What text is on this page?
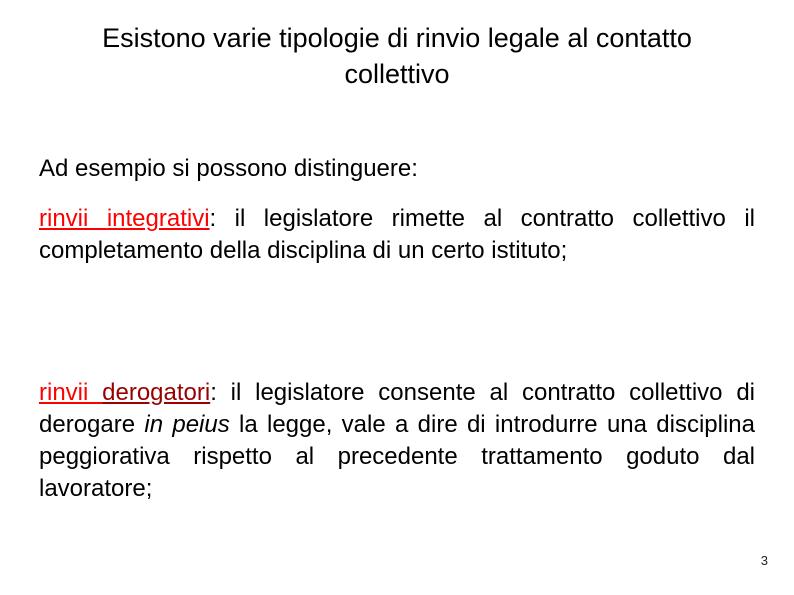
Esistono varie tipologie di rinvio legale al contatto collettivo
Ad esempio si possono distinguere:
rinvii integrativi: il legislatore rimette al contratto collettivo il completamento della disciplina di un certo istituto;
rinvii derogatori: il legislatore consente al contratto collettivo di derogare in peius la legge, vale a dire di introdurre una disciplina peggiorativa rispetto al precedente trattamento goduto dal lavoratore;
3
